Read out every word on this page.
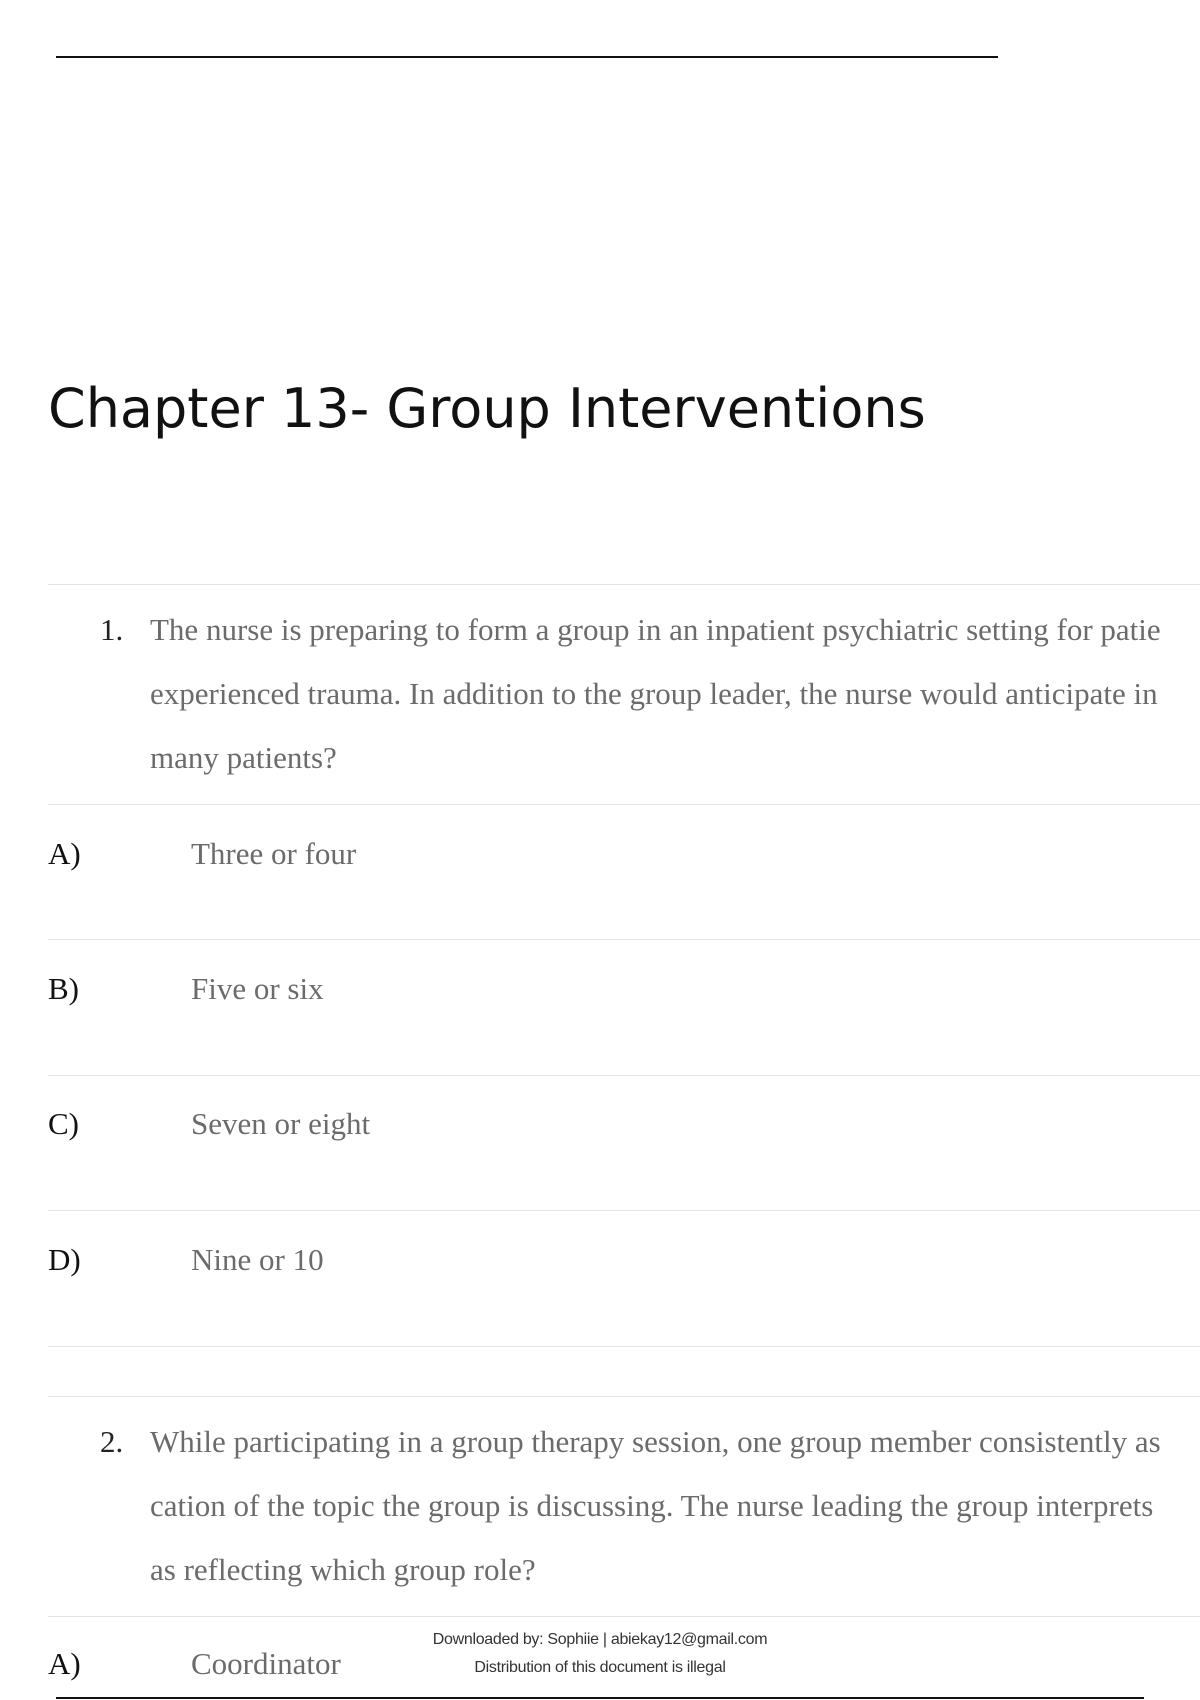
Chapter 13- Group Interventions
1. The nurse is preparing to form a group in an inpatient psychiatric setting for patie
experienced trauma. In addition to the group leader, the nurse would anticipate in
many patients?
A)	Three or four
B)	Five or six
C)	Seven or eight
D)	Nine or 10
2. While participating in a group therapy session, one group member consistently as
cation of the topic the group is discussing. The nurse leading the group interprets
as reflecting which group role?
A)	Coordinator
Downloaded by: Sophiie | abiekay12@gmail.com
Distribution of this document is illegal
